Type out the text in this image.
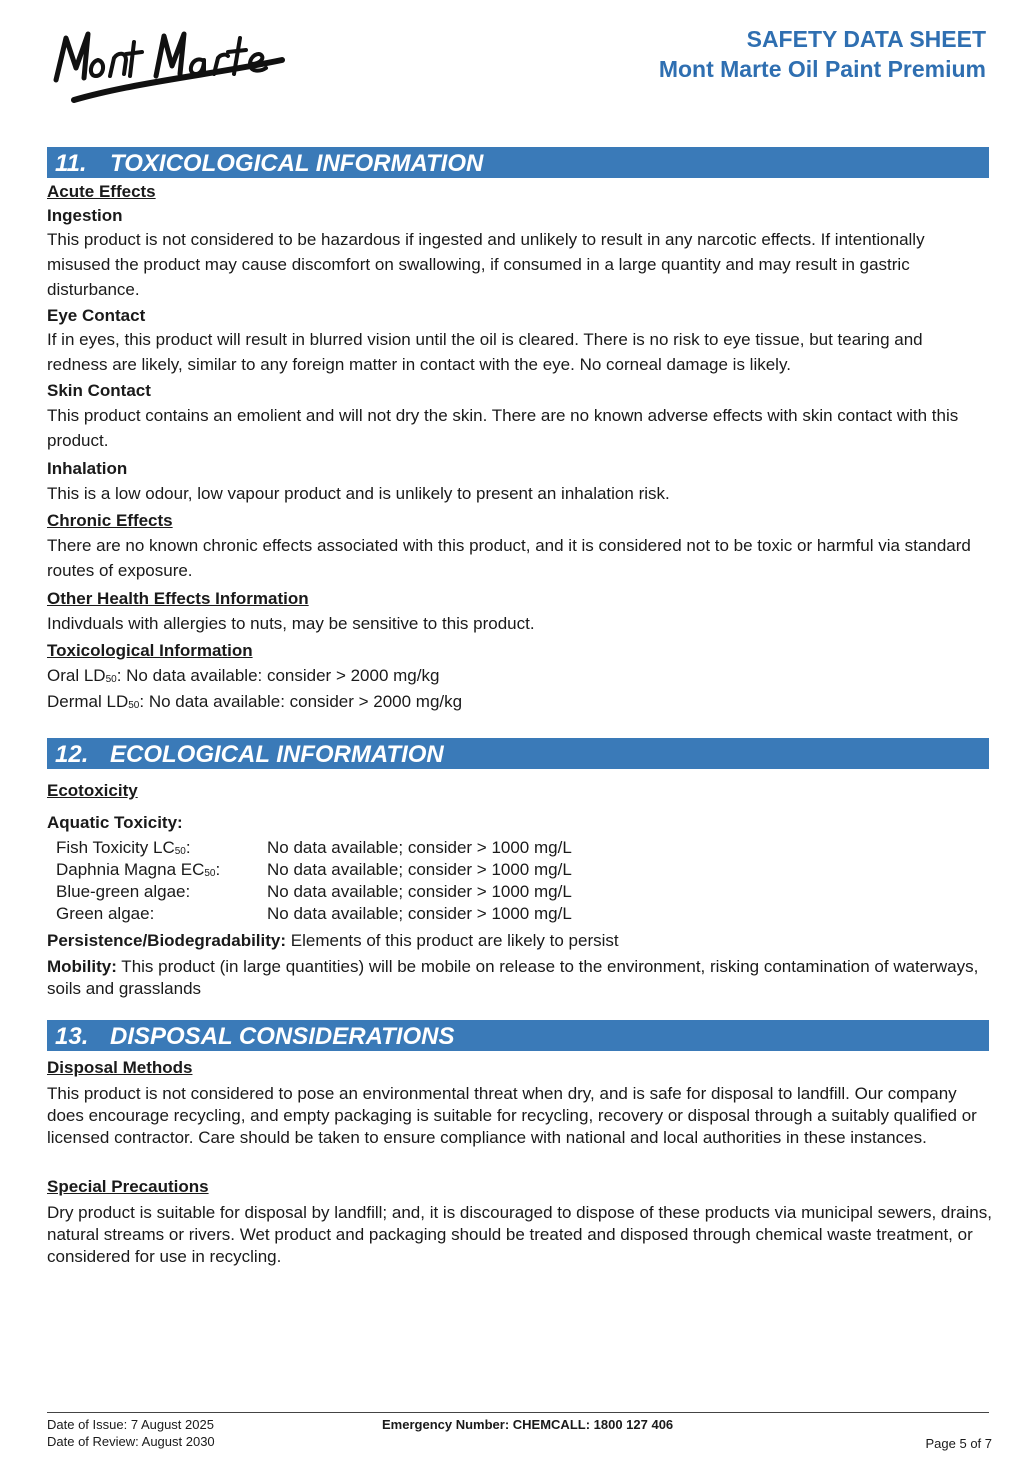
SAFETY DATA SHEET
Mont Marte Oil Paint Premium
11. TOXICOLOGICAL INFORMATION
Acute Effects
Ingestion
This product is not considered to be hazardous if ingested and unlikely to result in any narcotic effects. If intentionally misused the product may cause discomfort on swallowing, if consumed in a large quantity and may result in gastric disturbance.
Eye Contact
If in eyes, this product will result in blurred vision until the oil is cleared. There is no risk to eye tissue, but tearing and redness are likely, similar to any foreign matter in contact with the eye. No corneal damage is likely.
Skin Contact
This product contains an emolient and will not dry the skin. There are no known adverse effects with skin contact with this product.
Inhalation
This is a low odour, low vapour product and is unlikely to present an inhalation risk.
Chronic Effects
There are no known chronic effects associated with this product, and it is considered not to be toxic or harmful via standard routes of exposure.
Other Health Effects Information
Indivduals with allergies to nuts, may be sensitive to this product.
Toxicological Information
Oral $LD_{50}$: No data available: consider > 2000 mg/kg
Dermal $LD_{50}$: No data available: consider > 2000 mg/kg
12. ECOLOGICAL INFORMATION
Ecotoxicity
Aquatic Toxicity:
Fish Toxicity $LC_{50}$:	No data available; consider > 1000 mg/L
Daphnia Magna $EC_{50}$:	No data available; consider > 1000 mg/L
Blue-green algae:	No data available; consider > 1000 mg/L
Green algae:	No data available; consider > 1000 mg/L
Persistence/Biodegradability: Elements of this product are likely to persist
Mobility: This product (in large quantities) will be mobile on release to the environment, risking contamination of waterways, soils and grasslands
13. DISPOSAL CONSIDERATIONS
Disposal Methods
This product is not considered to pose an environmental threat when dry, and is safe for disposal to landfill. Our company does encourage recycling, and empty packaging is suitable for recycling, recovery or disposal through a suitably qualified or licensed contractor. Care should be taken to ensure compliance with national and local authorities in these instances.
Special Precautions
Dry product is suitable for disposal by landfill; and, it is discouraged to dispose of these products via municipal sewers, drains, natural streams or rivers. Wet product and packaging should be treated and disposed through chemical waste treatment, or considered for use in recycling.
Date of Issue: 7 August 2025
Date of Review: August 2030
Emergency Number: CHEMCALL: 1800 127 406
Page 5 of 7
